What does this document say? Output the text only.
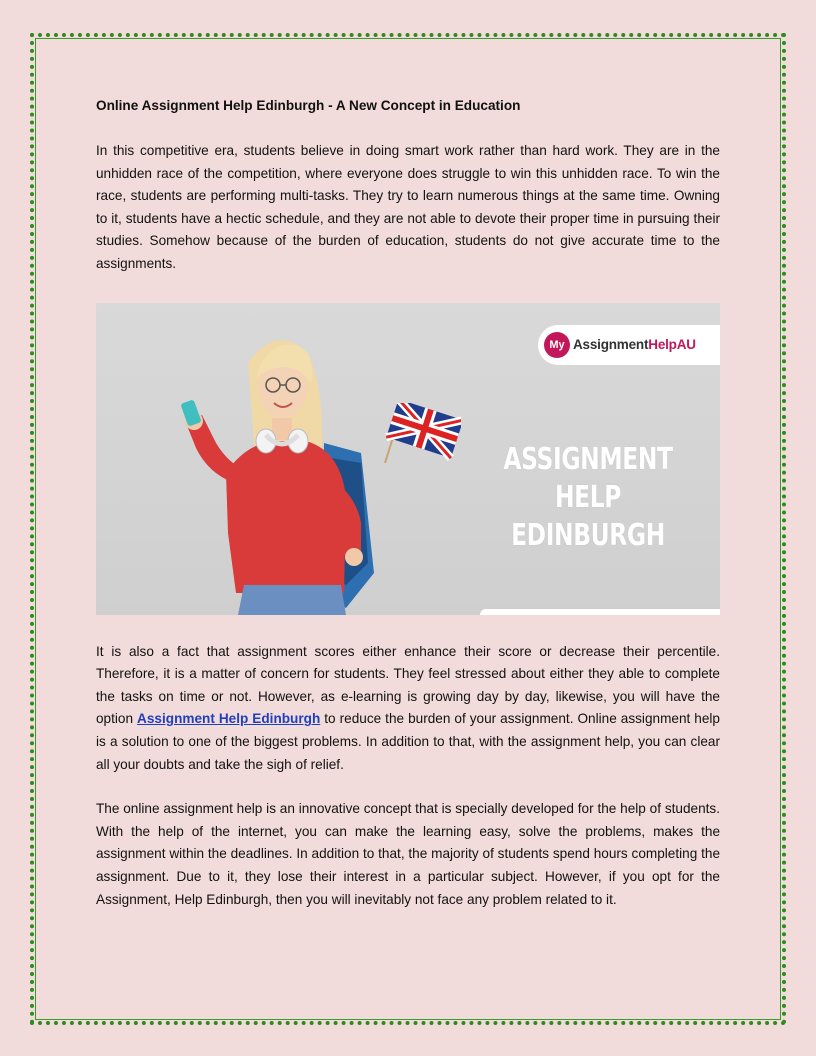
Online Assignment Help Edinburgh - A New Concept in Education

In this competitive era, students believe in doing smart work rather than hard work. They are in the unhidden race of the competition, where everyone does struggle to win this unhidden race. To win the race, students are performing multi-tasks. They try to learn numerous things at the same time. Owning to it, students have a hectic schedule, and they are not able to devote their proper time in pursuing their studies. Somehow because of the burden of education, students do not give accurate time to the assignments.

My AssignmentHelpAU
ASSIGNMENT HELP
EDINBURGH

It is also a fact that assignment scores either enhance their score or decrease their percentile. Therefore, it is a matter of concern for students. They feel stressed about either they able to complete the tasks on time or not. However, as e-learning is growing day by day, likewise, you will have the option Assignment Help Edinburgh to reduce the burden of your assignment. Online assignment help is a solution to one of the biggest problems. In addition to that, with the assignment help, you can clear all your doubts and take the sigh of relief.

The online assignment help is an innovative concept that is specially developed for the help of students. With the help of the internet, you can make the learning easy, solve the problems, makes the assignment within the deadlines. In addition to that, the majority of students spend hours completing the assignment. Due to it, they lose their interest in a particular subject. However, if you opt for the Assignment, Help Edinburgh, then you will inevitably not face any problem related to it.
